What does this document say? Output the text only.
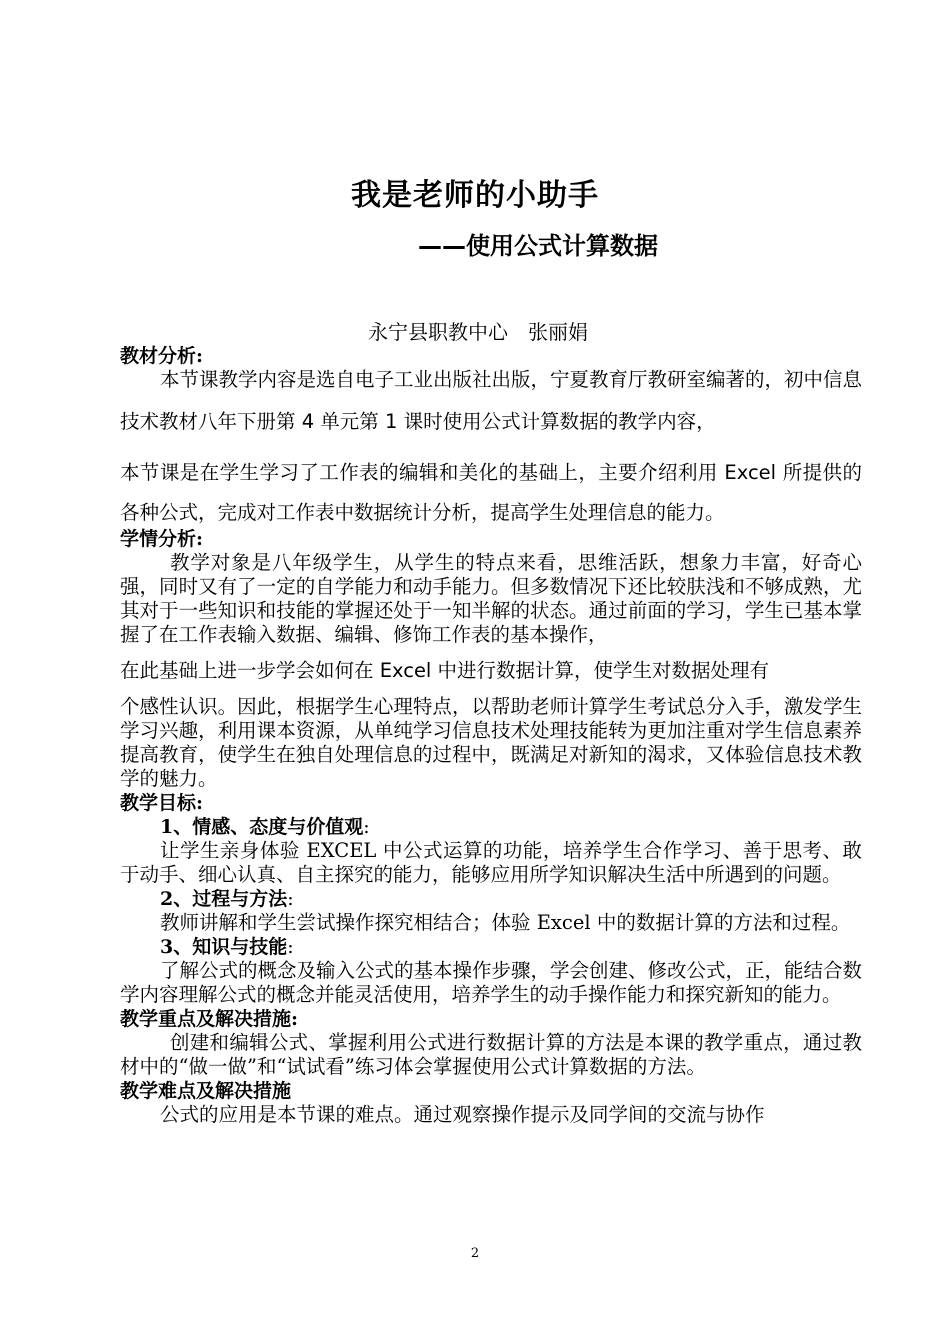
我是老师的小助手
——使用公式计算数据
永宁县职教中心　张丽娟
教材分析:

本节课教学内容是选自电子工业出版社出版，宁夏教育厅教研室编著的，初中信息技术教材八年下册第 4 单元第 1 课时使用公式计算数据的教学内容，

本节课是在学生学习了工作表的编辑和美化的基础上，主要介绍利用 Excel 所提供的各种公式，完成对工作表中数据统计分析，提高学生处理信息的能力。

学情分析:

教学对象是八年级学生，从学生的特点来看，思维活跃，想象力丰富，好奇心强，同时又有了一定的自学能力和动手能力。但多数情况下还比较肤浅和不够成熟，尤其对于一些知识和技能的掌握还处于一知半解的状态。通过前面的学习，学生已基本掌握了在工作表输入数据、编辑、修饰工作表的基本操作，

在此基础上进一步学会如何在 Excel 中进行数据计算，使学生对数据处理有

个感性认识。因此，根据学生心理特点，以帮助老师计算学生考试总分入手，激发学生学习兴趣，利用课本资源，从单纯学习信息技术处理技能转为更加注重对学生信息素养提高教育，使学生在独自处理信息的过程中，既满足对新知的渴求，又体验信息技术教学的魅力。

教学目标:
1、情感、态度与价值观:

让学生亲身体验 EXCEL 中公式运算的功能，培养学生合作学习、善于思考、敢于动手、细心认真、自主探究的能力，能够应用所学知识解决生活中所遇到的问题。

2、过程与方法:

教师讲解和学生尝试操作探究相结合；体验 Excel 中的数据计算的方法和过程。

3、知识与技能:

了解公式的概念及输入公式的基本操作步骤，学会创建、修改公式，正，能结合数学内容理解公式的概念并能灵活使用，培养学生的动手操作能力和探究新知的能力。

教学重点及解决措施:

创建和编辑公式、掌握利用公式进行数据计算的方法是本课的教学重点，通过教材中的“做一做”和“试试看”练习体会掌握使用公式计算数据的方法。

教学难点及解决措施

公式的应用是本节课的难点。通过观察操作提示及同学间的交流与协作

2
